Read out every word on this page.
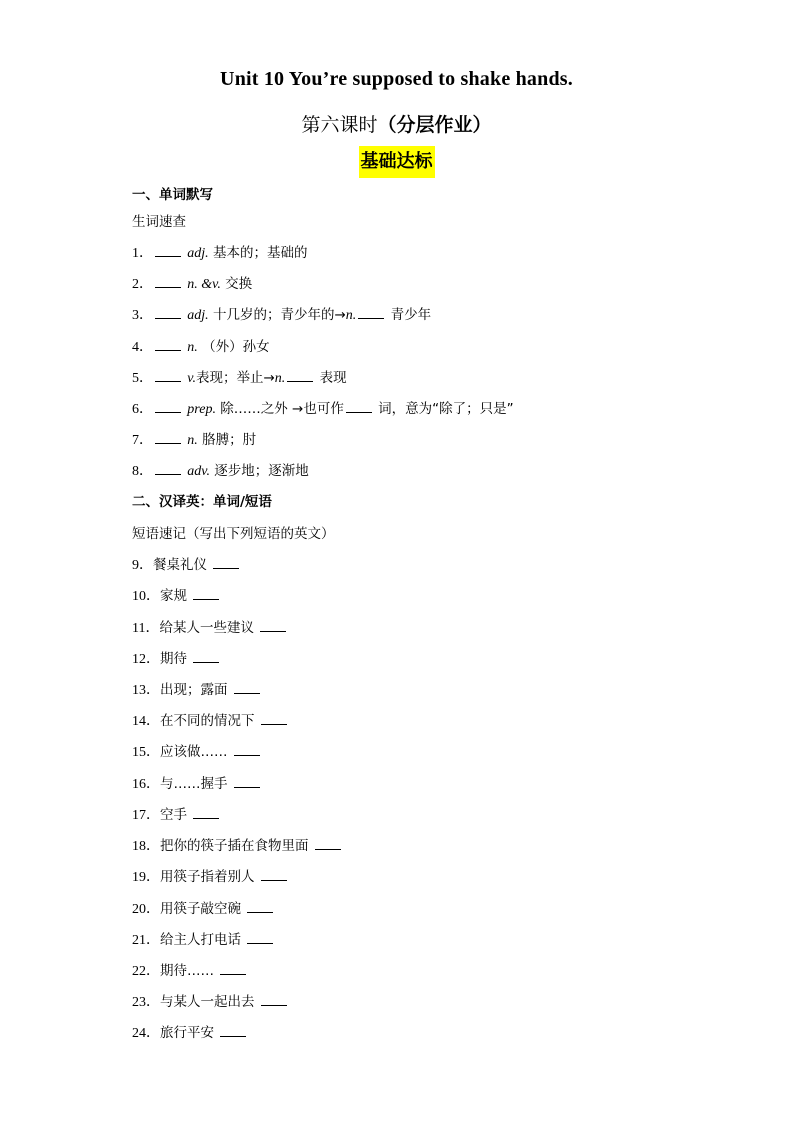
Unit 10 You’re supposed to shake hands.
第六课时（分层作业）
基础达标
一、单词默写
生词速查
1． adj. 基本的；基础的
2． n. &v. 交换
3． adj. 十几岁的；青少年的→n. 青少年
4． n. （外）孙女
5． v.表现；举止→n. 表现
6． prep. 除……之外 →也可作 词，意为“除了；只是”
7． n. 胳膊；肘
8． adv. 逐步地；逐渐地
二、汉译英：单词/短语
短语速记（写出下列短语的英文）
9．餐桌礼仪
10．家规
11．给某人一些建议
12．期待
13．出现；露面
14．在不同的情况下
15．应该做……
16．与……握手
17．空手
18．把你的筷子插在食物里面
19．用筷子指着别人
20．用筷子敲空碗
21．给主人打电话
22．期待……
23．与某人一起出去
24．旅行平安
